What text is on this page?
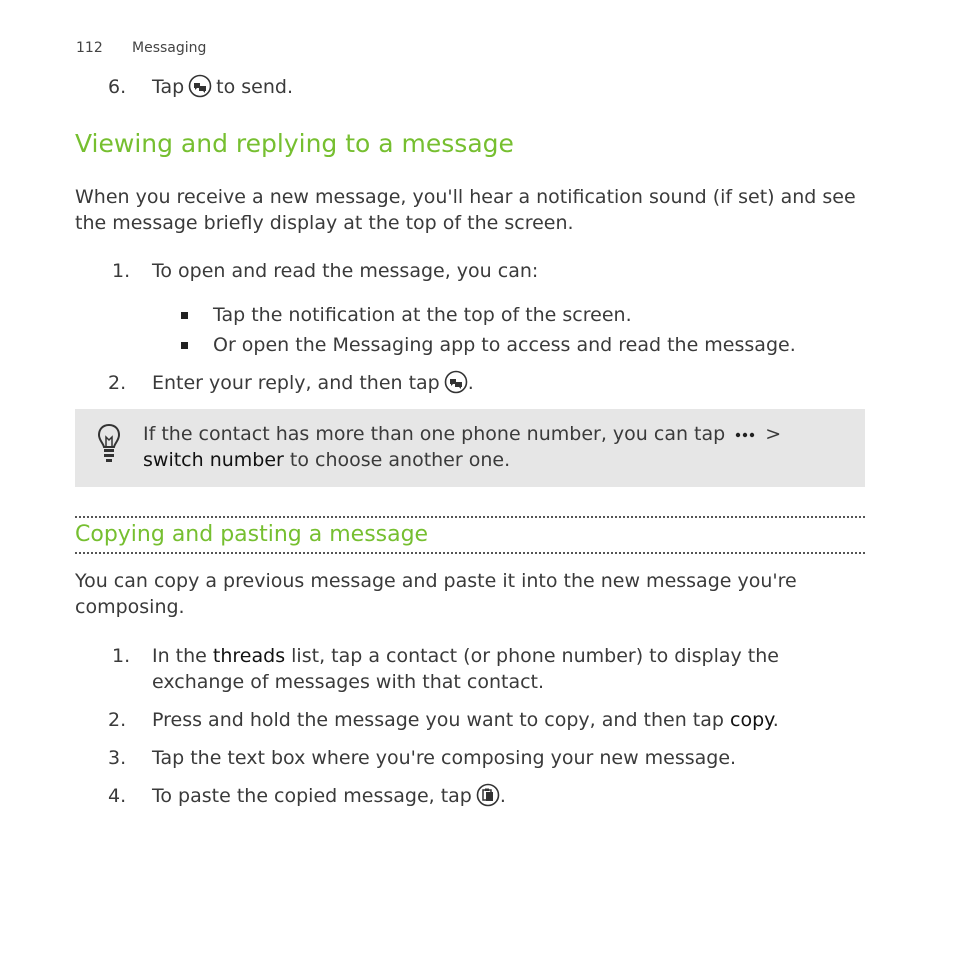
112	Messaging
6.	Tap to send.
Viewing and replying to a message
When you receive a new message, you'll hear a notification sound (if set) and see the message briefly display at the top of the screen.
1.	To open and read the message, you can:
Tap the notification at the top of the screen.
Or open the Messaging app to access and read the message.
2.	Enter your reply, and then tap .
If the contact has more than one phone number, you can tap >
switch number to choose another one.
Copying and pasting a message
You can copy a previous message and paste it into the new message you're composing.
1.	In the threads list, tap a contact (or phone number) to display the exchange of messages with that contact.
2.	Press and hold the message you want to copy, and then tap copy.
3.	Tap the text box where you're composing your new message.
4.	To paste the copied message, tap .
